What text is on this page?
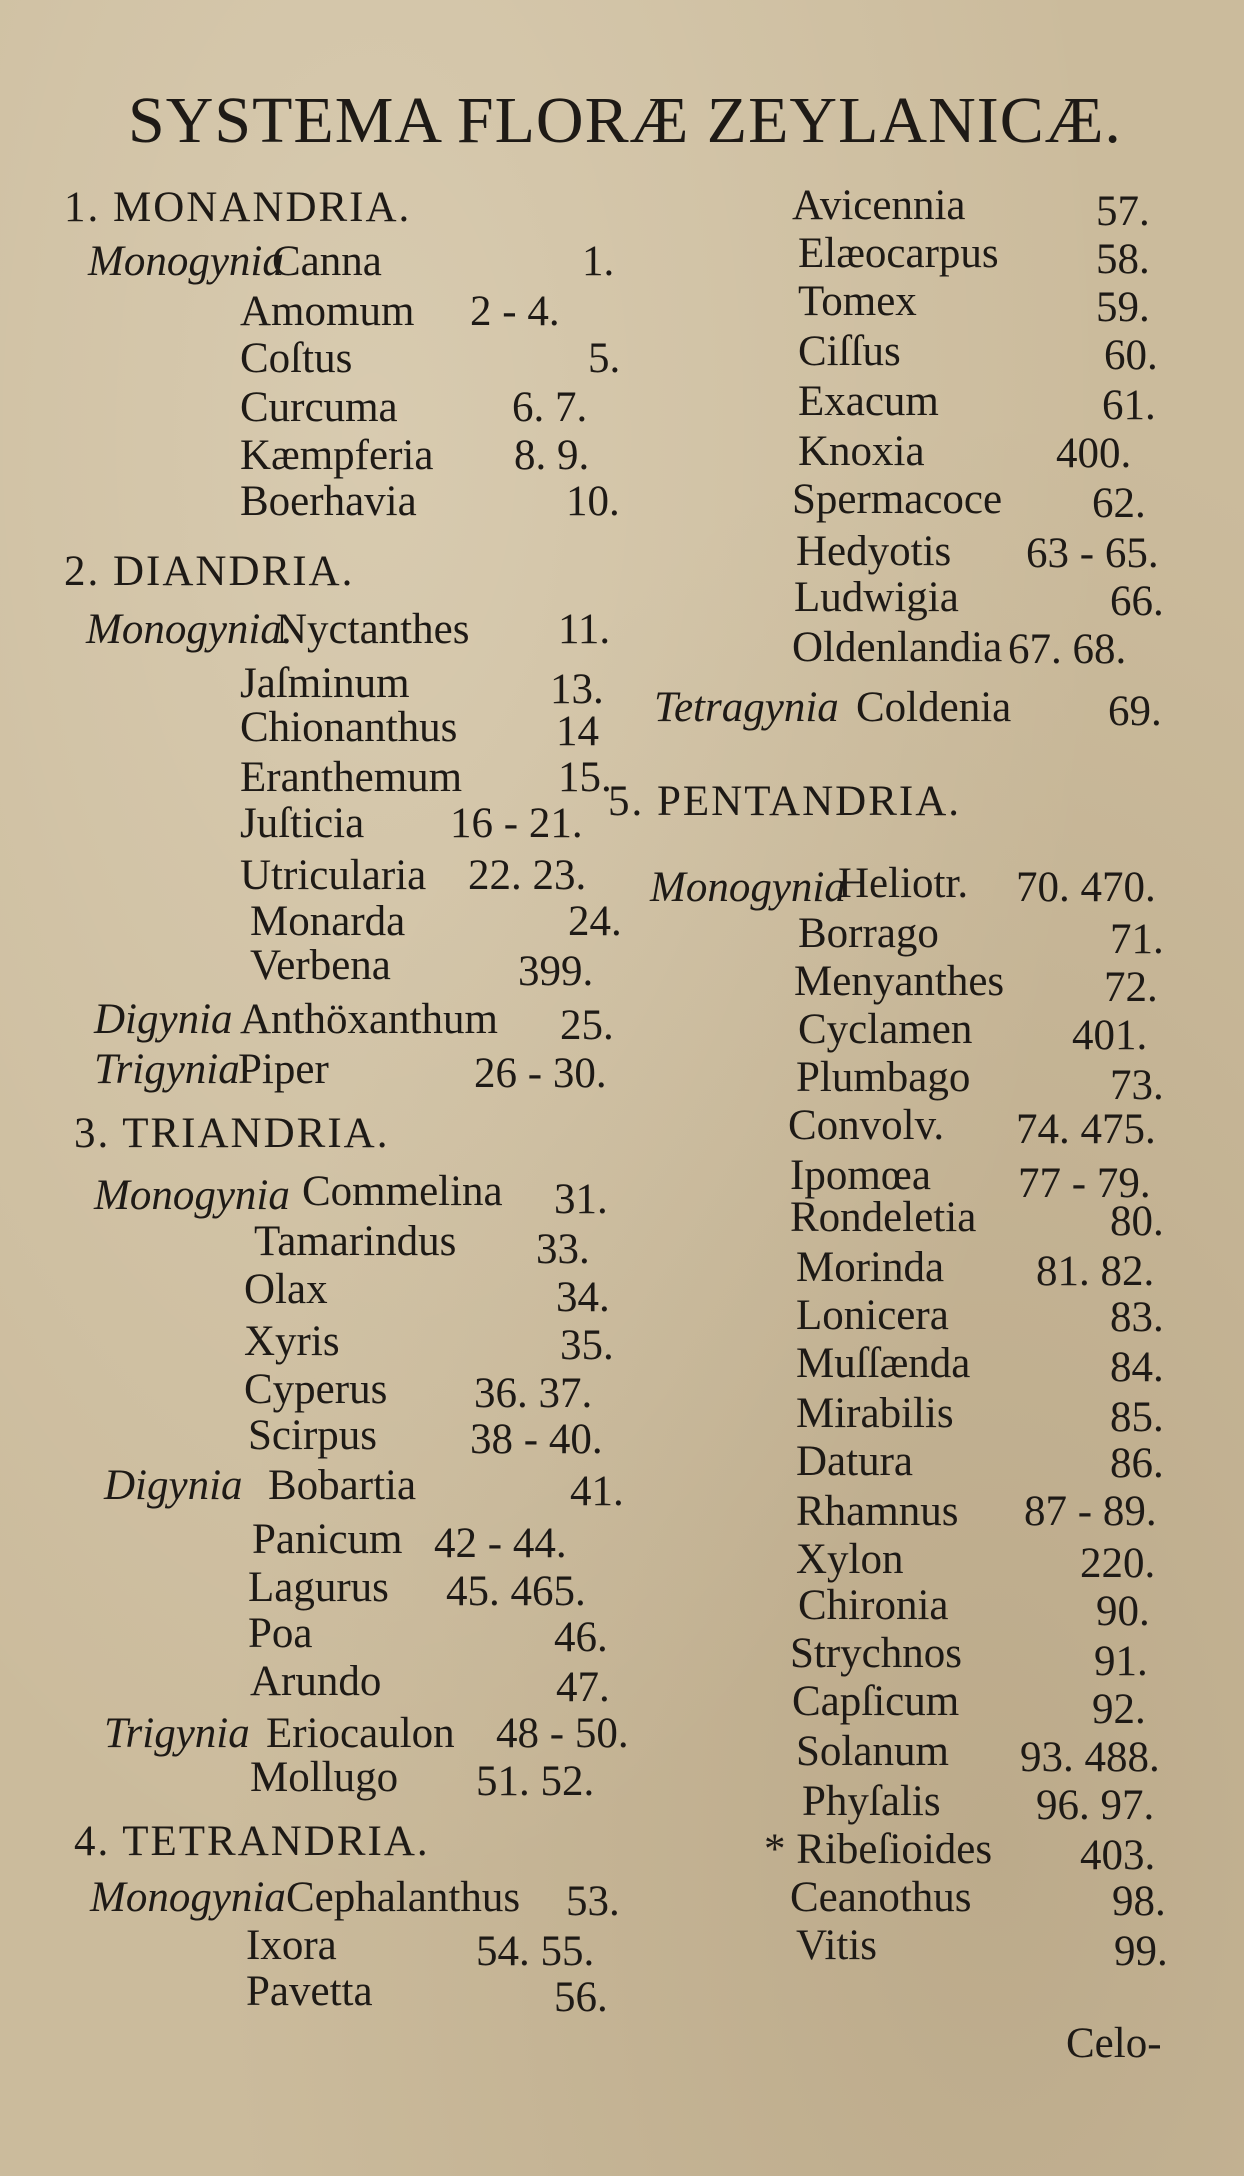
SYSTEMA FLORÆ ZEYLANICÆ.
1. MONANDRIA.
Monogynia
Canna	1.
Amomum 2 - 4.
Coſtus	5.
Curcuma	6. 7.
Kæmpferia 8. 9.
Boerhavia	10.
2. DIANDRIA.
Monogynia.
Nyctanthes 11.
Jaſminum	13.
Chionanthus 14
Eranthemum 15.
Juſticia 16 - 21.
Utricularia 22. 23.
Monarda	24.
Verbena	399.
Digynia Anthöxanthum 25.
Trigynia
Piper	26 - 30.
3. TRIANDRIA.
Monogynia Commelina 31.
Tamarindus 33.
Olax	34.
Xyris	35.
Cyperus 36. 37.
Scirpus 38 - 40.
Digynia Bobartia	41.
Panicum 42 - 44.
Lagurus 45. 465.
Poa	46.
Arundo	47.
Trigynia Eriocaulon 48 - 50.
Mollugo 51. 52.
4. TETRANDRIA.
Monogynia Cephalanthus 53.
Ixora	54. 55.
Pavetta	56.
5. PENTANDRIA.
Avicennia	57.
Elæocarpus 58.
Tomex	59.
Ciſſus	60.
Exacum	61.
Knoxia	400.
Spermacoce 62.
Hedyotis 63 - 65.
Ludwigia	66.
Oldenlandia 67. 68.
Tetragynia Coldenia 69.
Monogynia
Heliotr. 70. 470.
Borrago	71.
Menyanthes 72.
Cyclamen 401.
Plumbago	73.
Convolv. 74. 475.
Ipomœa 77 - 79.
Rondeletia	80.
Morinda 81. 82.
Lonicera	83.
Muſſænda	84.
Mirabilis	85.
Datura	86.
Rhamnus 87 - 89.
Xylon	220.
Chironia	90.
Strychnos	91.
Capſicum	92.
Solanum 93. 488.
Phyſalis 96. 97.
* Ribeſioides 403.
Ceanothus	98.
Vitis	99.
Celo-
